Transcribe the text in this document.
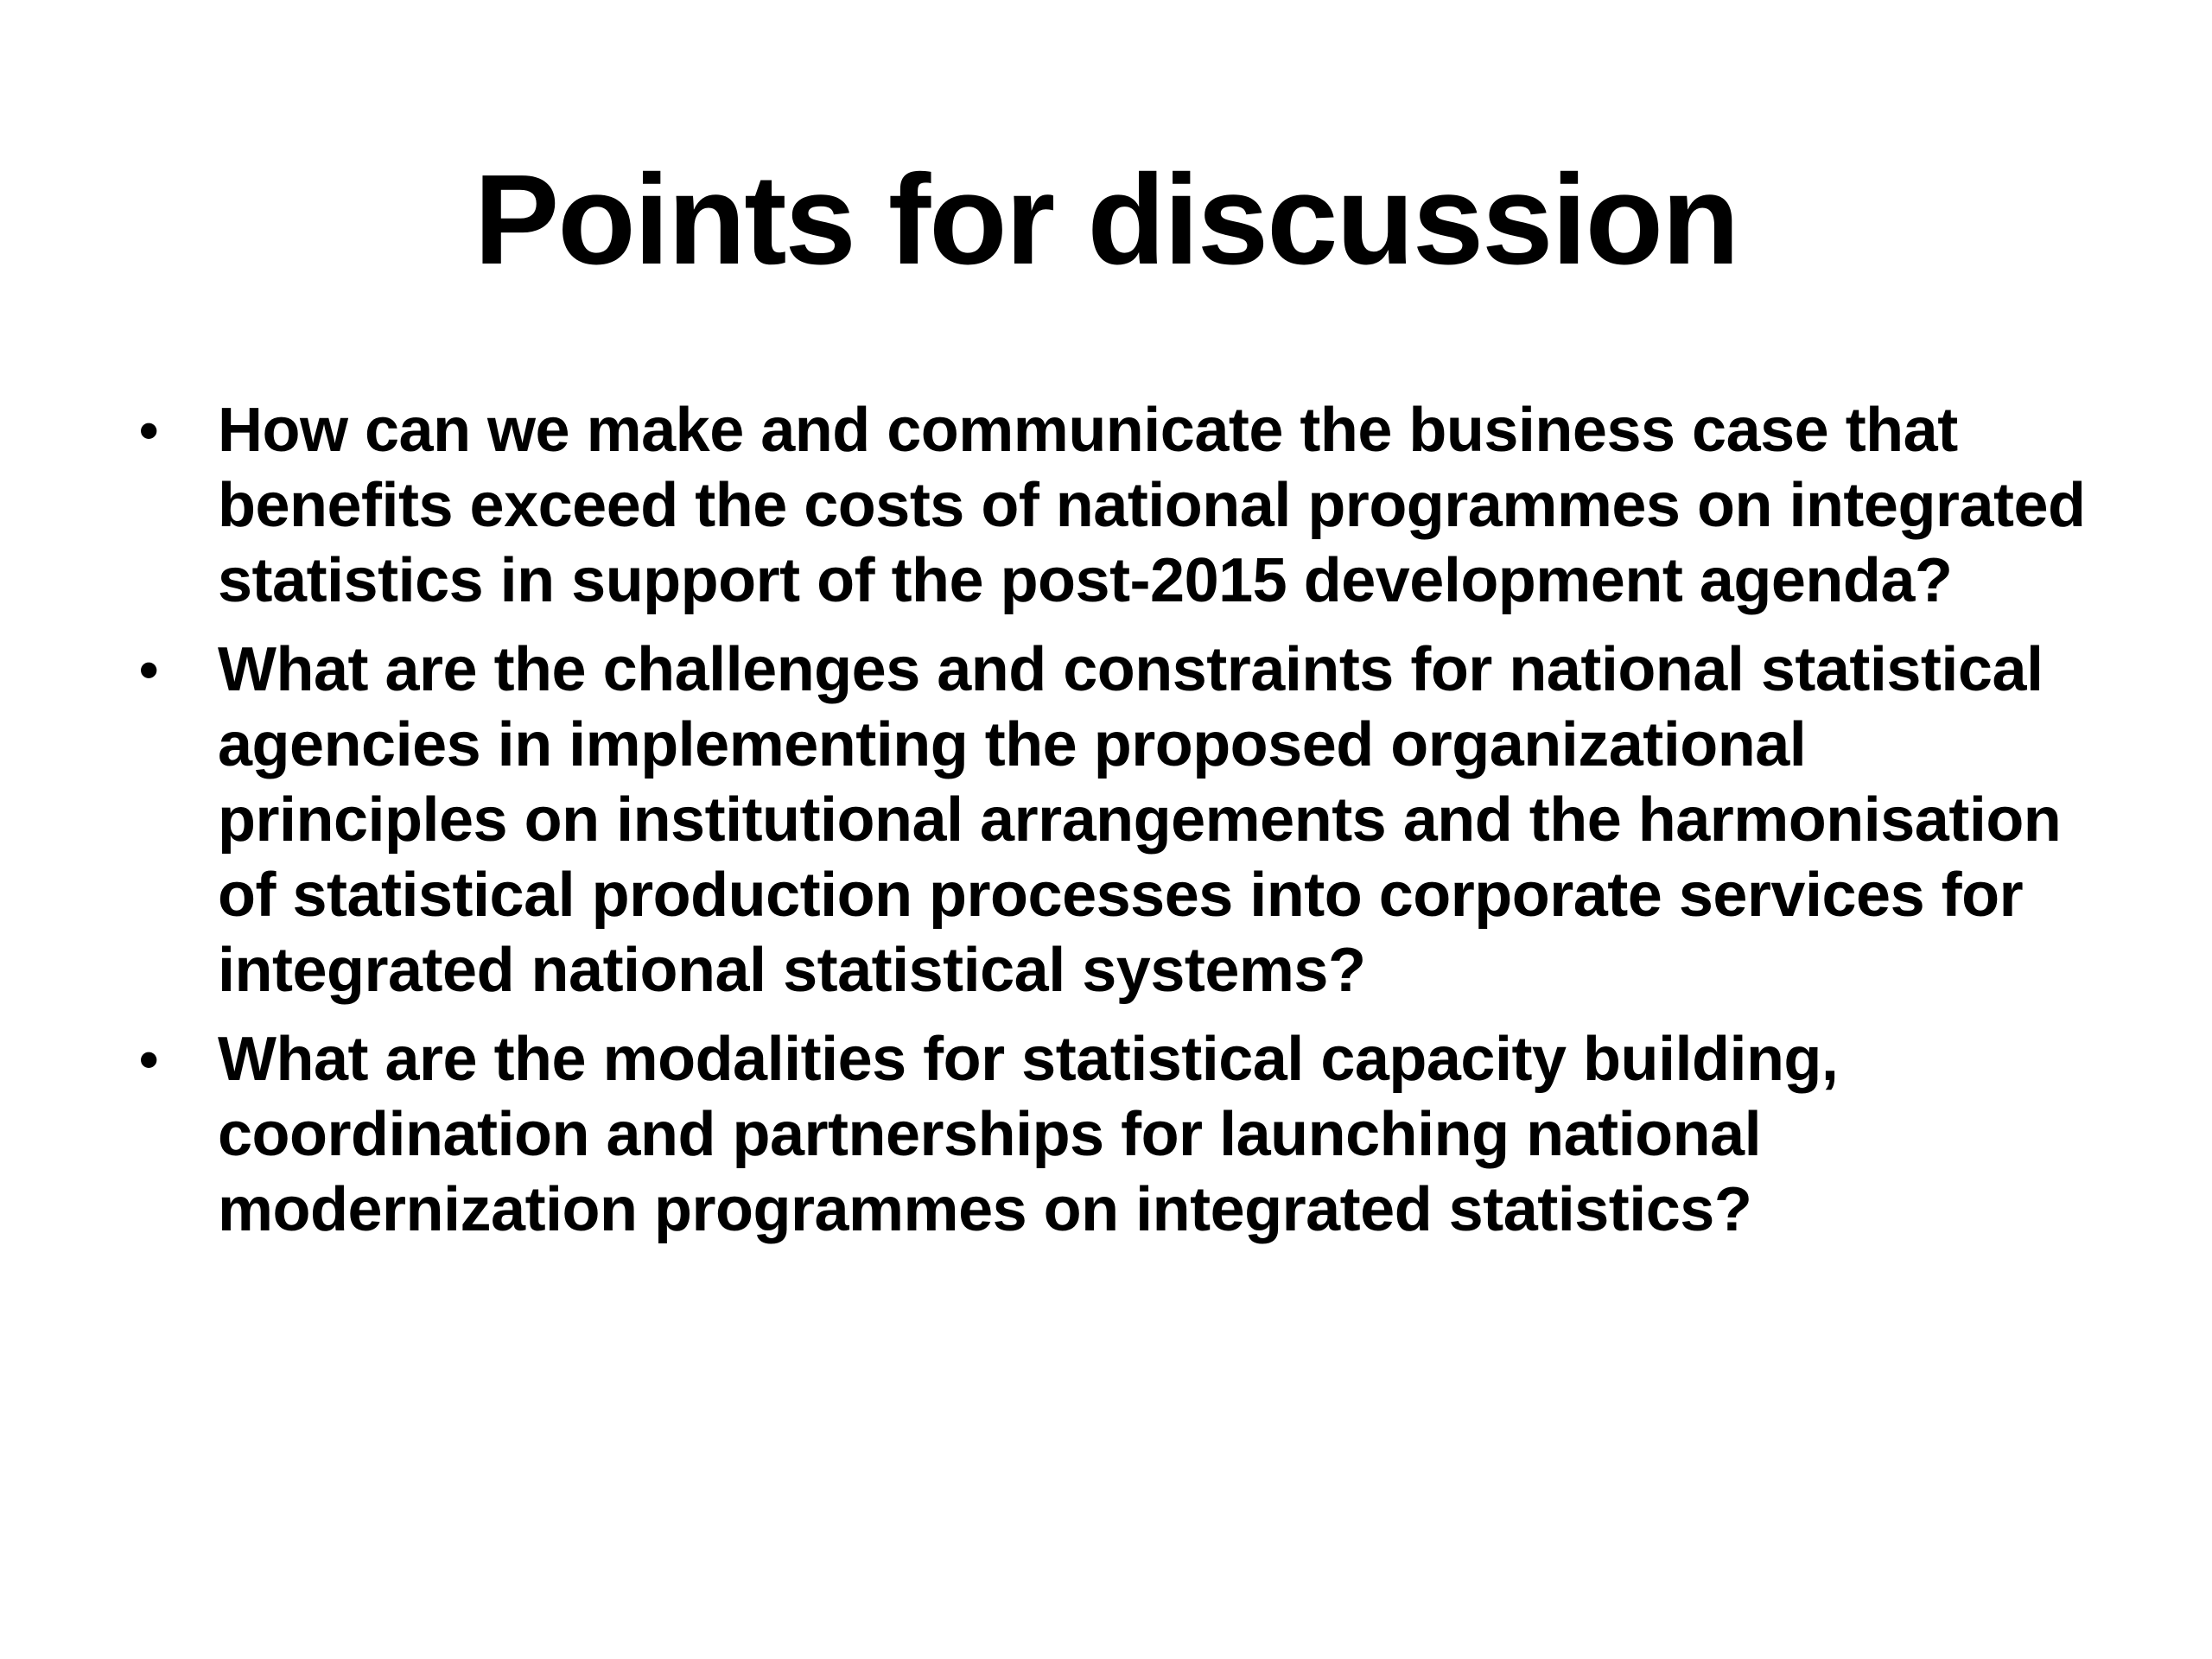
Points for discussion
• How can we make and communicate the business case that benefits exceed the costs of national programmes on integrated statistics in support of the post-2015 development agenda?
• What are the challenges and constraints for national statistical agencies in implementing the proposed organizational principles on institutional arrangements and the harmonisation of statistical production processes into corporate services for integrated national statistical systems?
• What are the modalities for statistical capacity building, coordination and partnerships for launching national modernization programmes on integrated statistics?
